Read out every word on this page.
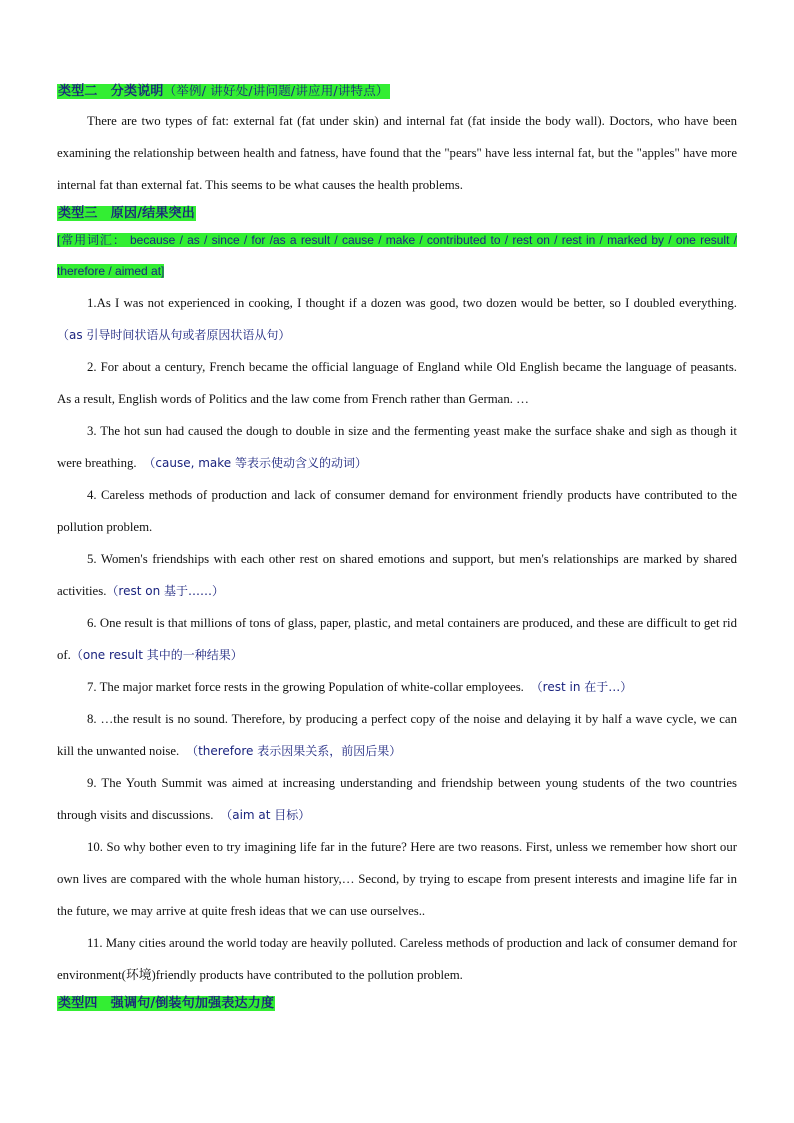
类型二　分类说明（举例/ 讲好处/讲问题/讲应用/讲特点）

There are two types of fat: external fat (fat under skin) and internal fat (fat inside the body wall). Doctors, who have been examining the relationship between health and fatness, have found that the "pears" have less internal fat, but the "apples" have more internal fat than external fat. This seems to be what causes the health problems.

类型三　原因/结果突出

[常用词汇： because / as / since / for /as a result / cause / make / contributed to / rest on / rest in / marked by / one result / therefore / aimed at]

1.As I was not experienced in cooking, I thought if a dozen was good, two dozen would be better, so I doubled everything.（as 引导时间状语从句或者原因状语从句）

2. For about a century, French became the official language of England while Old English became the language of peasants. As a result, English words of Politics and the law come from French rather than German. …

3. The hot sun had caused the dough to double in size and the fermenting yeast make the surface shake and sigh as though it were breathing.　 （cause, make 等表示使动含义的动词）

4. Careless methods of production and lack of consumer demand for environment friendly products have contributed to the pollution problem.

5. Women's friendships with each other rest on shared emotions and support, but men's relationships are marked by shared activities.（rest on 基于……）

6. One result is that millions of tons of glass, paper, plastic, and metal containers are produced, and these are difficult to get rid of.（one result 其中的一种结果）

7. The major market force rests in the growing Population of white-collar employees.　 （rest in 在于…）

8. …the result is no sound. Therefore, by producing a perfect copy of the noise and delaying it by half a wave cycle, we can kill the unwanted noise.　 （therefore 表示因果关系，前因后果）

9. The Youth Summit was aimed at increasing understanding and friendship between young students of the two countries through visits and discussions.　 （aim at 目标）

10. So why bother even to try imagining life far in the future? Here are two reasons. First, unless we remember how short our own lives are compared with the whole human history,… Second, by trying to escape from present interests and imagine life far in the future, we may arrive at quite fresh ideas that we can use ourselves..

11. Many cities around the world today are heavily polluted. Careless methods of production and lack of consumer demand for environment(环境)friendly products have contributed to the pollution problem.

类型四　强调句/倒装句加强表达力度
